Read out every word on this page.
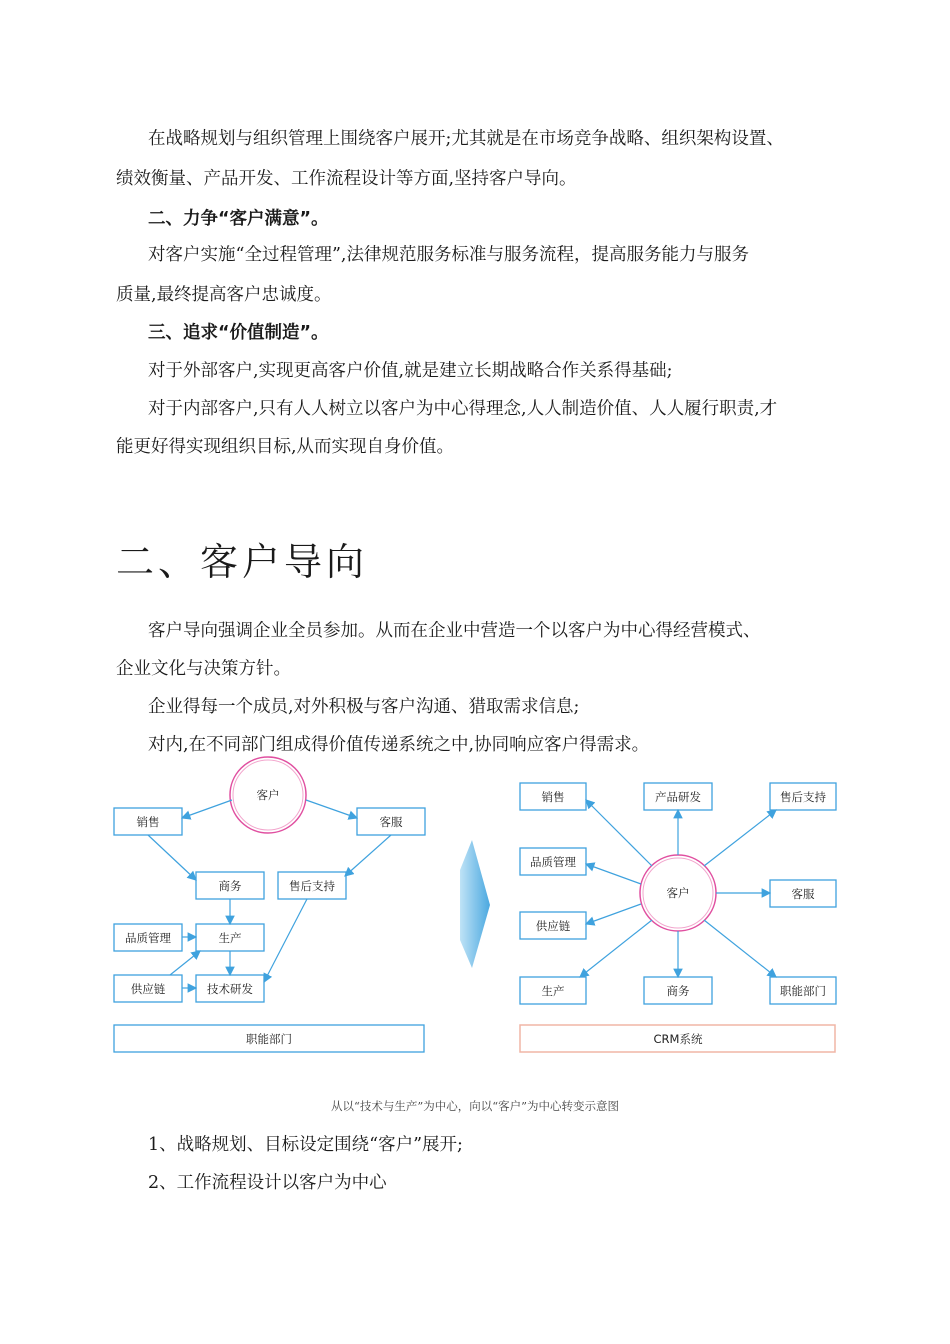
在战略规划与组织管理上围绕客户展开;尤其就是在市场竞争战略、组织架构设置、
绩效衡量、产品开发、工作流程设计等方面,坚持客户导向。
二、力争“客户满意”。
对客户实施“全过程管理”,法律规范服务标准与服务流程，提高服务能力与服务
质量,最终提高客户忠诚度。
三、追求“价值制造”。
对于外部客户,实现更高客户价值,就是建立长期战略合作关系得基础;
对于内部客户,只有人人树立以客户为中心得理念,人人制造价值、人人履行职责,才
能更好得实现组织目标,从而实现自身价值。
二、客户导向
客户导向强调企业全员参加。从而在企业中营造一个以客户为中心得经营模式、
企业文化与决策方针。
企业得每一个成员,对外积极与客户沟通、猎取需求信息;
对内,在不同部门组成得价值传递系统之中,协同响应客户得需求。
客户
销售	客服
商务	售后支持
品质管理	生产
供应链	技术研发
职能部门
客户
销售	产品研发	售后支持
品质管理
客服
供应链
生产	商务	职能部门
CRM系统
从以“技术与生产”为中心，向以“客户”为中心转变示意图
1、战略规划、目标设定围绕“客户”展开;
2、工作流程设计以客户为中心
